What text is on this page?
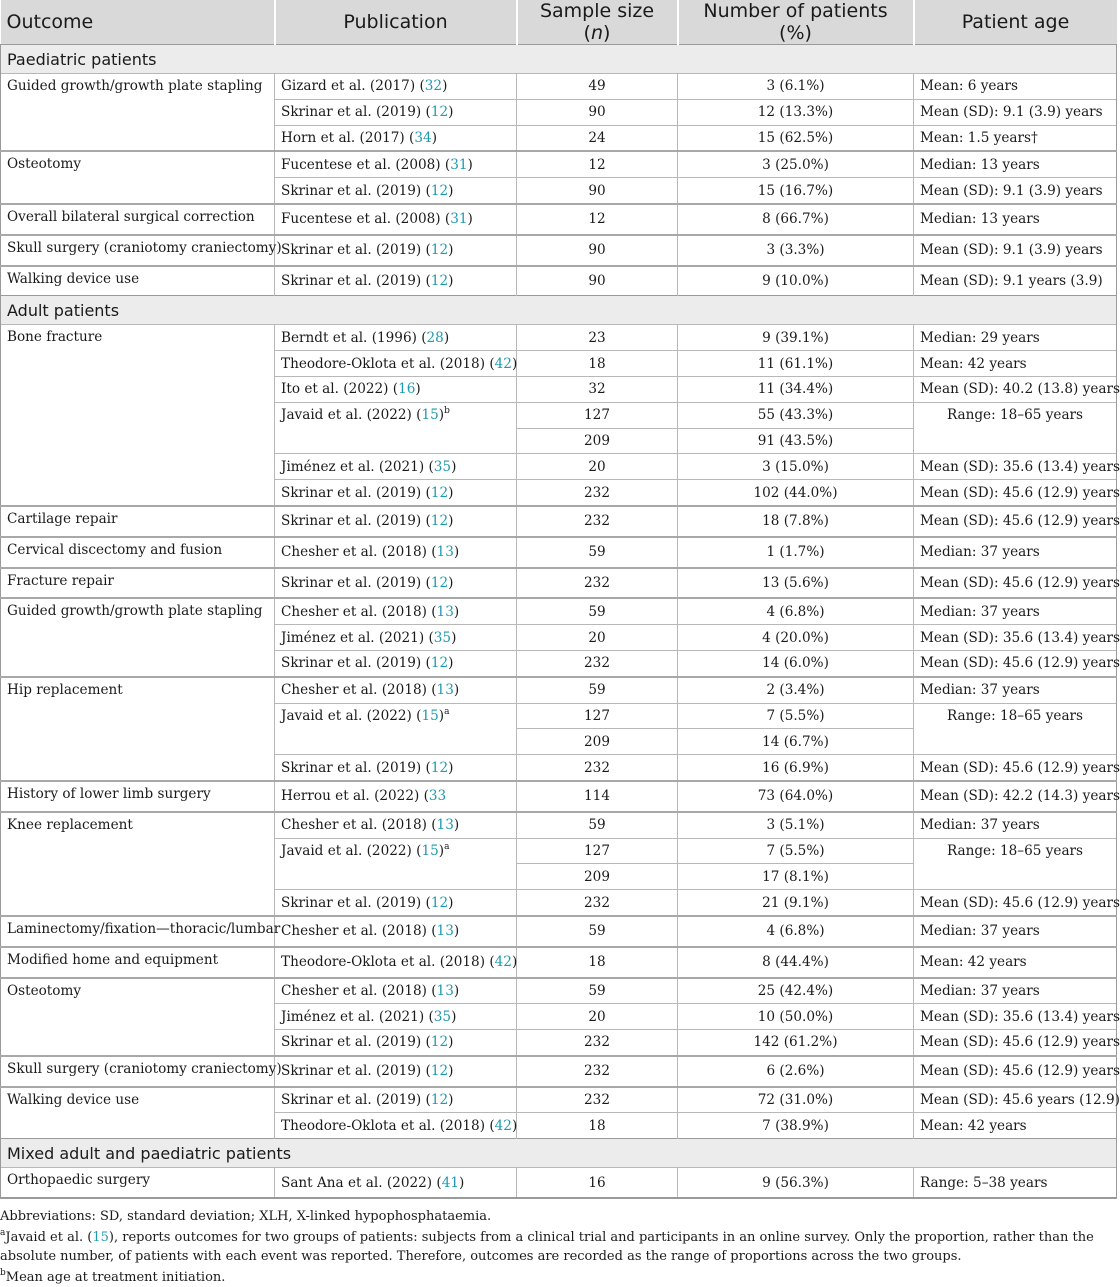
Outcome	Publication	Sample size (n)	Number of patients (%)	Patient age
Paediatric patients				
Guided growth/growth plate stapling	Gizard et al. (2017) (32)	49	3 (6.1%)	Mean: 6 years
	Skrinar et al. (2019) (12)	90	12 (13.3%)	Mean (SD): 9.1 (3.9) years
	Horn et al. (2017) (34)	24	15 (62.5%)	Mean: 1.5 years†
Osteotomy	Fucentese et al. (2008) (31)	12	3 (25.0%)	Median: 13 years
	Skrinar et al. (2019) (12)	90	15 (16.7%)	Mean (SD): 9.1 (3.9) years
Overall bilateral surgical correction	Fucentese et al. (2008) (31)	12	8 (66.7%)	Median: 13 years
Skull surgery (craniotomy craniectomy)	Skrinar et al. (2019) (12)	90	3 (3.3%)	Mean (SD): 9.1 (3.9) years
Walking device use	Skrinar et al. (2019) (12)	90	9 (10.0%)	Mean (SD): 9.1 years (3.9)
Adult patients				
Bone fracture	Berndt et al. (1996) (28)	23	9 (39.1%)	Median: 29 years
	Theodore-Oklota et al. (2018) (42)	18	11 (61.1%)	Mean: 42 years
	Ito et al. (2022) (16)	32	11 (34.4%)	Mean (SD): 40.2 (13.8) years
	Javaid et al. (2022) $(15)^b$	127	55 (43.3%)	Range: 18–65 years
		209	91 (43.5%)	
	Jiménez et al. (2021) (35)	20	3 (15.0%)	Mean (SD): 35.6 (13.4) years
	Skrinar et al. (2019) (12)	232	102 (44.0%)	Mean (SD): 45.6 (12.9) years
Cartilage repair	Skrinar et al. (2019) (12)	232	18 (7.8%)	Mean (SD): 45.6 (12.9) years
Cervical discectomy and fusion	Chesher et al. (2018) (13)	59	1 (1.7%)	Median: 37 years
Fracture repair	Skrinar et al. (2019) (12)	232	13 (5.6%)	Mean (SD): 45.6 (12.9) years
Guided growth/growth plate stapling	Chesher et al. (2018) (13)	59	4 (6.8%)	Median: 37 years
	Jiménez et al. (2021) (35)	20	4 (20.0%)	Mean (SD): 35.6 (13.4) years
	Skrinar et al. (2019) (12)	232	14 (6.0%)	Mean (SD): 45.6 (12.9) years
Hip replacement	Chesher et al. (2018) (13)	59	2 (3.4%)	Median: 37 years
	Javaid et al. (2022) $(15)^a$	127	7 (5.5%)	Range: 18–65 years
		209	14 (6.7%)	
	Skrinar et al. (2019) (12)	232	16 (6.9%)	Mean (SD): 45.6 (12.9) years
History of lower limb surgery	Herrou et al. (2022) (33	114	73 (64.0%)	Mean (SD): 42.2 (14.3) years
Knee replacement	Chesher et al. (2018) (13)	59	3 (5.1%)	Median: 37 years
	Javaid et al. (2022) $(15)^a$	127	7 (5.5%)	Range: 18–65 years
		209	17 (8.1%)	
	Skrinar et al. (2019) (12)	232	21 (9.1%)	Mean (SD): 45.6 (12.9) years
Laminectomy/fixation—thoracic/lumbar	Chesher et al. (2018) (13)	59	4 (6.8%)	Median: 37 years
Modified home and equipment	Theodore-Oklota et al. (2018) (42)	18	8 (44.4%)	Mean: 42 years
Osteotomy	Chesher et al. (2018) (13)	59	25 (42.4%)	Median: 37 years
	Jiménez et al. (2021) (35)	20	10 (50.0%)	Mean (SD): 35.6 (13.4) years
	Skrinar et al. (2019) (12)	232	142 (61.2%)	Mean (SD): 45.6 (12.9) years
Skull surgery (craniotomy craniectomy)	Skrinar et al. (2019) (12)	232	6 (2.6%)	Mean (SD): 45.6 (12.9) years
Walking device use	Skrinar et al. (2019) (12)	232	72 (31.0%)	Mean (SD): 45.6 years (12.9)
	Theodore-Oklota et al. (2018) (42)	18	7 (38.9%)	Mean: 42 years
Mixed adult and paediatric patients				
Orthopaedic surgery	Sant Ana et al. (2022) (41)	16	9 (56.3%)	Range: 5–38 years

Abbreviations: SD, standard deviation; XLH, X-linked hypophosphataemia.

$^a$Javaid et al. (15), reports outcomes for two groups of patients: subjects from a clinical trial and participants in an online survey. Only the proportion, rather than the absolute number, of patients with each event was reported. Therefore, outcomes are recorded as the range of proportions across the two groups.

$^b$Mean age at treatment initiation.
